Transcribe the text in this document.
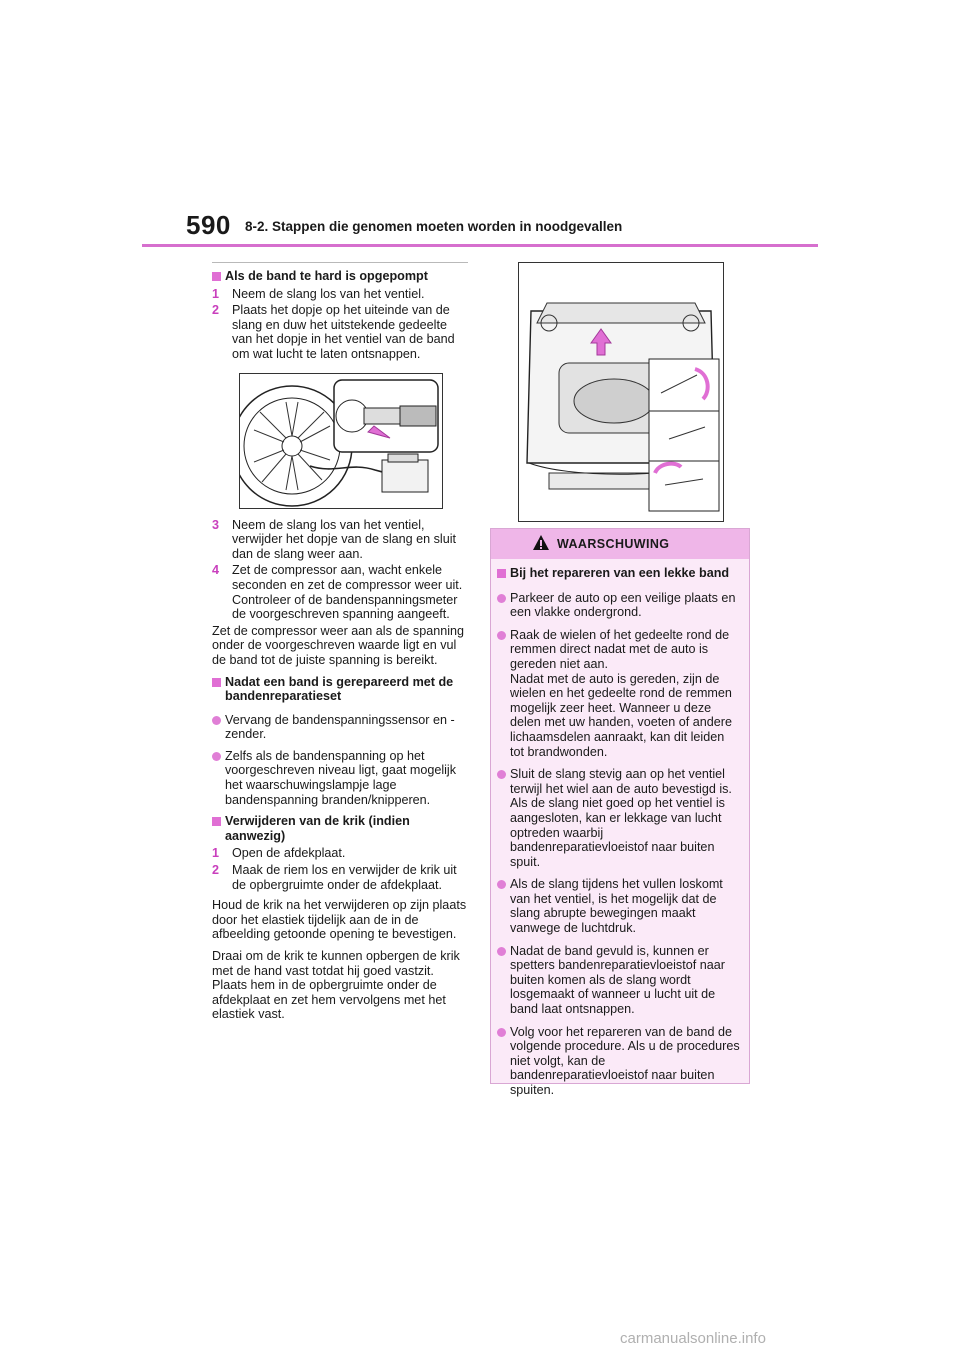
590 8-2. Stappen die genomen moeten worden in noodgevallen
Als de band te hard is opgepompt
1 Neem de slang los van het ventiel.
2 Plaats het dopje op het uiteinde van de slang en duw het uitstekende gedeelte van het dopje in het ventiel van de band om wat lucht te laten ontsnappen.
3 Neem de slang los van het ventiel, verwijder het dopje van de slang en sluit dan de slang weer aan.
4 Zet de compressor aan, wacht enkele seconden en zet de compressor weer uit. Controleer of de bandenspanningsmeter de voorgeschreven spanning aangeeft.

Zet de compressor weer aan als de spanning onder de voorgeschreven waarde ligt en vul de band tot de juiste spanning is bereikt.

Nadat een band is gerepareerd met de bandenreparatieset
Vervang de bandenspanningssensor en -zender.
Zelfs als de bandenspanning op het voorgeschreven niveau ligt, gaat mogelijk het waarschuwingslampje lage bandenspanning branden/knipperen.
Verwijderen van de krik (indien aanwezig)
1 Open de afdekplaat.
2 Maak de riem los en verwijder de krik uit de opbergruimte onder de afdekplaat.

Houd de krik na het verwijderen op zijn plaats door het elastiek tijdelijk aan de in de afbeelding getoonde opening te bevestigen.

Draai om de krik te kunnen opbergen de krik met de hand vast totdat hij goed vastzit. Plaats hem in de opbergruimte onder de afdekplaat en zet hem vervolgens met het elastiek vast.

WAARSCHUWING
Bij het repareren van een lekke band
Parkeer de auto op een veilige plaats en een vlakke ondergrond.
Raak de wielen of het gedeelte rond de remmen direct nadat met de auto is gereden niet aan.
Nadat met de auto is gereden, zijn de wielen en het gedeelte rond de remmen mogelijk zeer heet. Wanneer u deze delen met uw handen, voeten of andere lichaamsdelen aanraakt, kan dit leiden tot brandwonden.
Sluit de slang stevig aan op het ventiel terwijl het wiel aan de auto bevestigd is. Als de slang niet goed op het ventiel is aangesloten, kan er lekkage van lucht optreden waarbij bandenreparatievloeistof naar buiten spuit.
Als de slang tijdens het vullen loskomt van het ventiel, is het mogelijk dat de slang abrupte bewegingen maakt vanwege de luchtdruk.
Nadat de band gevuld is, kunnen er spetters bandenreparatievloeistof naar buiten komen als de slang wordt losgemaakt of wanneer u lucht uit de band laat ontsnappen.
Volg voor het repareren van de band de volgende procedure. Als u de procedures niet volgt, kan de bandenreparatievloeistof naar buiten spuiten.
carmanualsonline.info
